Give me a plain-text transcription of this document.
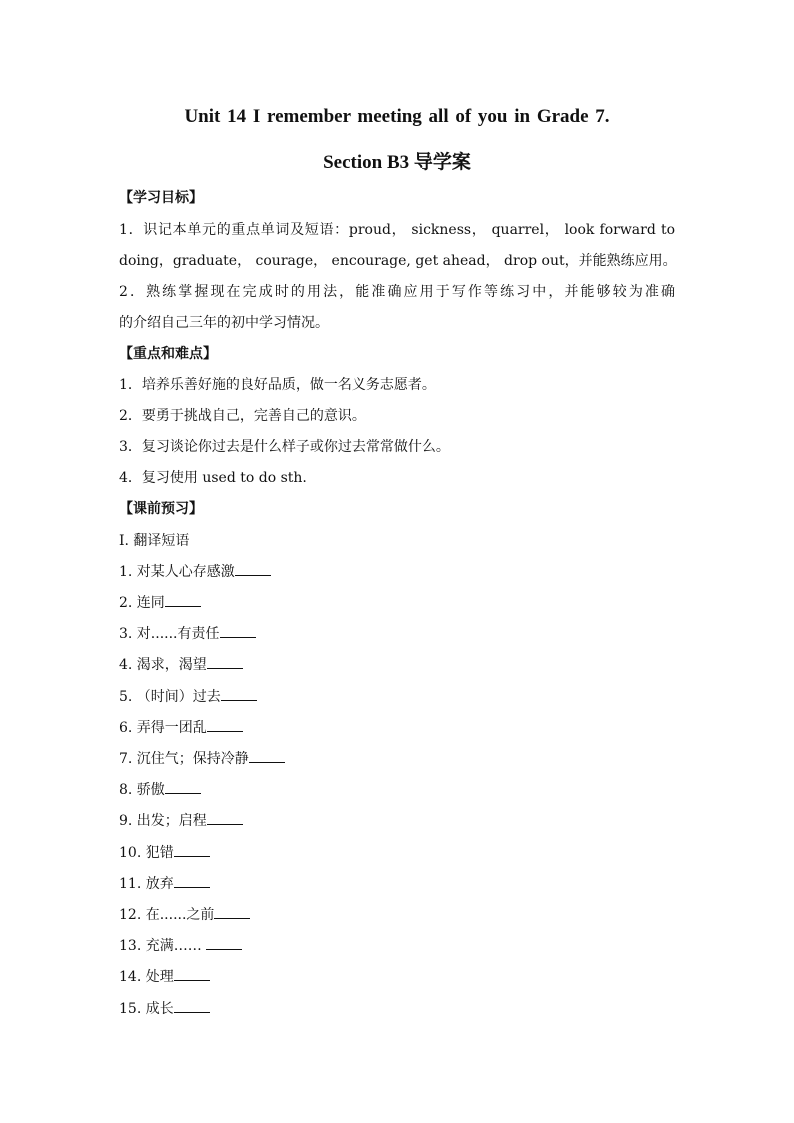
Unit 14 I remember meeting all of you in Grade 7.
Section B3 导学案
【学习目标】
1．识记本单元的重点单词及短语：proud， sickness， quarrel， look forward to
doing，graduate， courage， encourage, get ahead， drop out，并能熟练应用。
2．熟练掌握现在完成时的用法，能准确应用于写作等练习中，并能够较为准确
的介绍自己三年的初中学习情况。
【重点和难点】
1．培养乐善好施的良好品质，做一名义务志愿者。
2．要勇于挑战自己，完善自己的意识。
3．复习谈论你过去是什么样子或你过去常常做什么。
4．复习使用 used to do sth.
【课前预习】
I. 翻译短语
1. 对某人心存感激
2. 连同
3. 对......有责任
4. 渴求，渴望
5. （时间）过去
6. 弄得一团乱
7. 沉住气；保持冷静
8. 骄傲
9. 出发；启程
10. 犯错
11. 放弃
12. 在......之前
13. 充满……
14. 处理
15. 成长
